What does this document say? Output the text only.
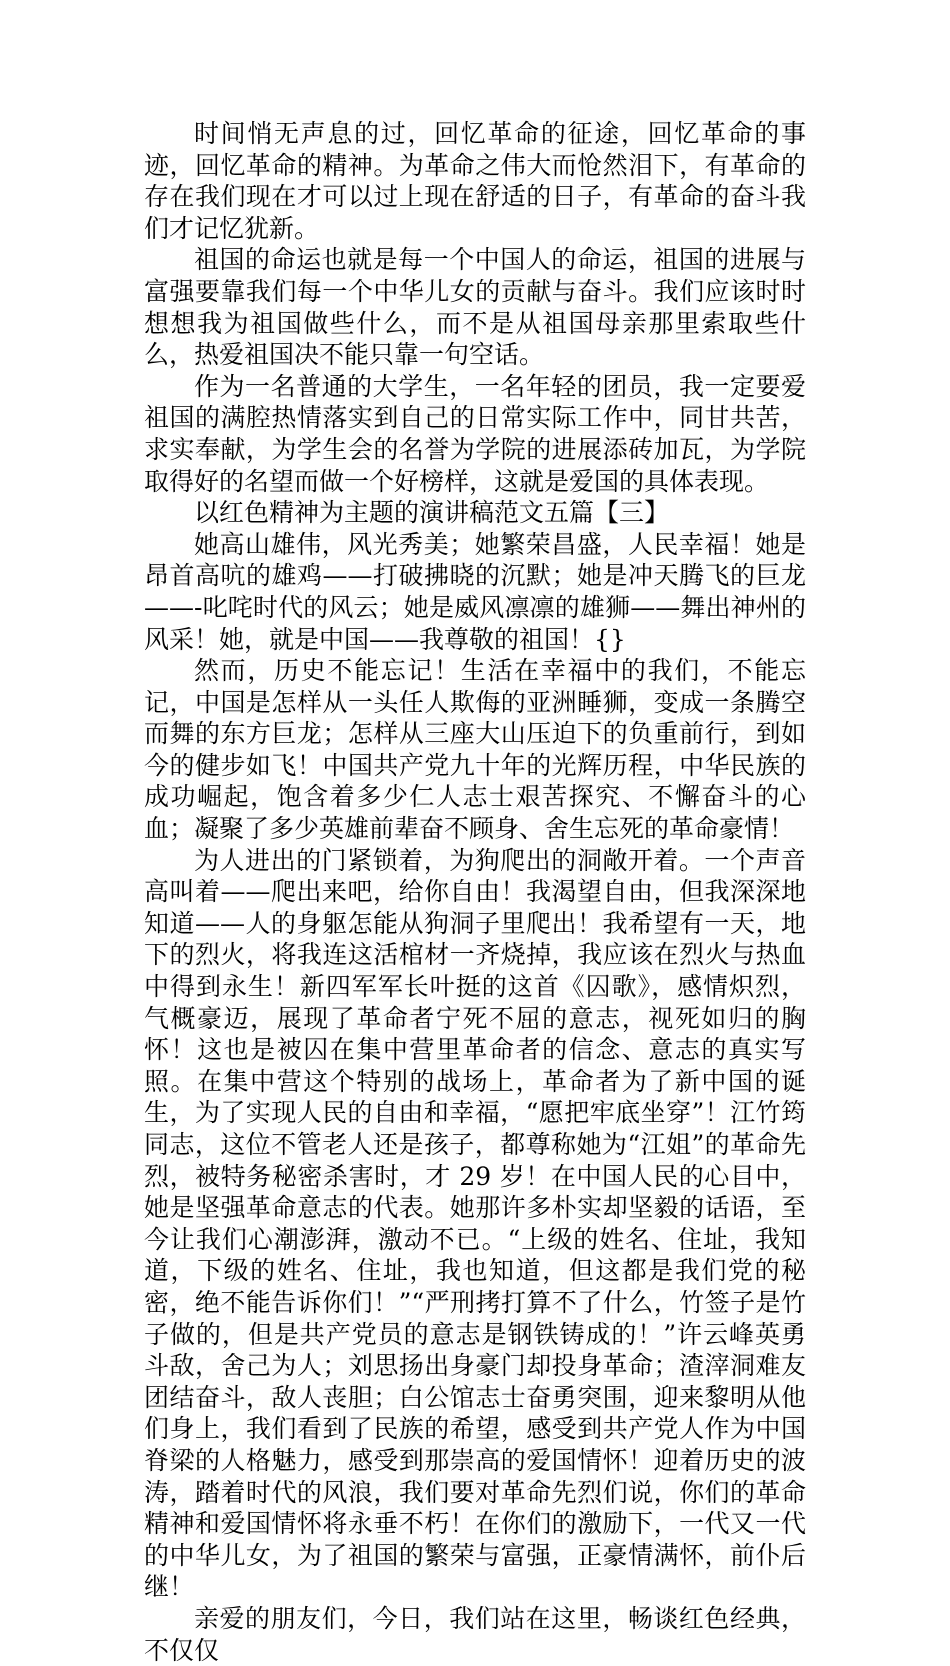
时间悄无声息的过，回忆革命的征途，回忆革命的事迹，回忆革命的精神。为革命之伟大而怆然泪下，有革命的存在我们现在才可以过上现在舒适的日子，有革命的奋斗我们才记忆犹新。

祖国的命运也就是每一个中国人的命运，祖国的进展与富强要靠我们每一个中华儿女的贡献与奋斗。我们应该时时想想我为祖国做些什么，而不是从祖国母亲那里索取些什么，热爱祖国决不能只靠一句空话。

作为一名普通的大学生，一名年轻的团员，我一定要爱祖国的满腔热情落实到自己的日常实际工作中，同甘共苦，求实奉献，为学生会的名誉为学院的进展添砖加瓦，为学院取得好的名望而做一个好榜样，这就是爱国的具体表现。

以红色精神为主题的演讲稿范文五篇【三】

她高山雄伟，风光秀美；她繁荣昌盛，人民幸福！她是昂首高吭的雄鸡——打破拂晓的沉默；她是冲天腾飞的巨龙——-叱咤时代的风云；她是威风凛凛的雄狮——舞出神州的风采！她，就是中国——我尊敬的祖国！{}

然而，历史不能忘记！生活在幸福中的我们，不能忘记，中国是怎样从一头任人欺侮的亚洲睡狮，变成一条腾空而舞的东方巨龙；怎样从三座大山压迫下的负重前行，到如今的健步如飞！中国共产党九十年的光辉历程，中华民族的成功崛起，饱含着多少仁人志士艰苦探究、不懈奋斗的心血；凝聚了多少英雄前辈奋不顾身、舍生忘死的革命豪情！

为人进出的门紧锁着，为狗爬出的洞敞开着。一个声音高叫着——爬出来吧，给你自由！我渴望自由，但我深深地知道——人的身躯怎能从狗洞子里爬出！我希望有一天，地下的烈火，将我连这活棺材一齐烧掉，我应该在烈火与热血中得到永生！新四军军长叶挺的这首《囚歌》，感情炽烈，气概豪迈，展现了革命者宁死不屈的意志，视死如归的胸怀！这也是被囚在集中营里革命者的信念、意志的真实写照。在集中营这个特别的战场上，革命者为了新中国的诞生，为了实现人民的自由和幸福，“愿把牢底坐穿”！江竹筠同志，这位不管老人还是孩子，都尊称她为“江姐”的革命先烈，被特务秘密杀害时，才 29 岁！在中国人民的心目中，她是坚强革命意志的代表。她那许多朴实却坚毅的话语，至今让我们心潮澎湃，激动不已。“上级的姓名、住址，我知道，下级的姓名、住址，我也知道，但这都是我们党的秘密，绝不能告诉你们！”“严刑拷打算不了什么，竹签子是竹子做的，但是共产党员的意志是钢铁铸成的！”许云峰英勇斗敌，舍己为人；刘思扬出身豪门却投身革命；渣滓洞难友团结奋斗，敌人丧胆；白公馆志士奋勇突围，迎来黎明从他们身上，我们看到了民族的希望，感受到共产党人作为中国脊梁的人格魅力，感受到那崇高的爱国情怀！迎着历史的波涛，踏着时代的风浪，我们要对革命先烈们说，你们的革命精神和爱国情怀将永垂不朽！在你们的激励下，一代又一代的中华儿女，为了祖国的繁荣与富强，正豪情满怀，前仆后继！

亲爱的朋友们，今日，我们站在这里，畅谈红色经典，不仅仅
